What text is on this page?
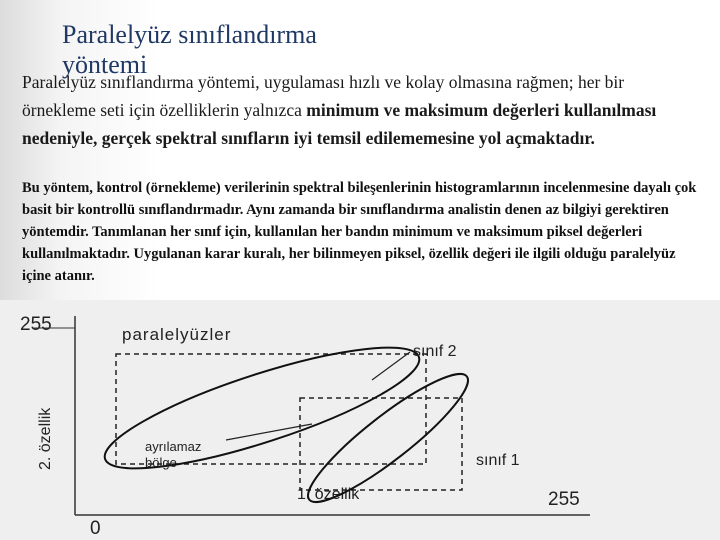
Paralelyüz sınıflandırma
yöntemi
Paralelyüz sınıflandırma yöntemi, uygulaması hızlı ve kolay olmasına rağmen; her bir örnekleme seti için özelliklerin yalnızca minimum ve maksimum değerleri kullanılması nedeniyle, gerçek spektral sınıfların iyi temsil edilememesine yol açmaktadır.
Bu yöntem, kontrol (örnekleme) verilerinin spektral bileşenlerinin histogramlarının incelenmesine dayalı çok basit bir kontrollü sınıflandırmadır. Aynı zamanda bir sınıflandırma analistin denen az bilgiyi gerektiren yöntemdir. Tanımlanan her sınıf için, kullanılan her bandın minimum ve maksimum piksel değerleri kullanılmaktadır. Uygulanan karar kuralı, her bilinmeyen piksel, özellik değeri ile ilgili olduğu paralelyüz içine atanır.
255
0
255
1. özellik
2. özellik
paralelyüzler
sınıf 2
sınıf 1
ayrılamaz
bölge
